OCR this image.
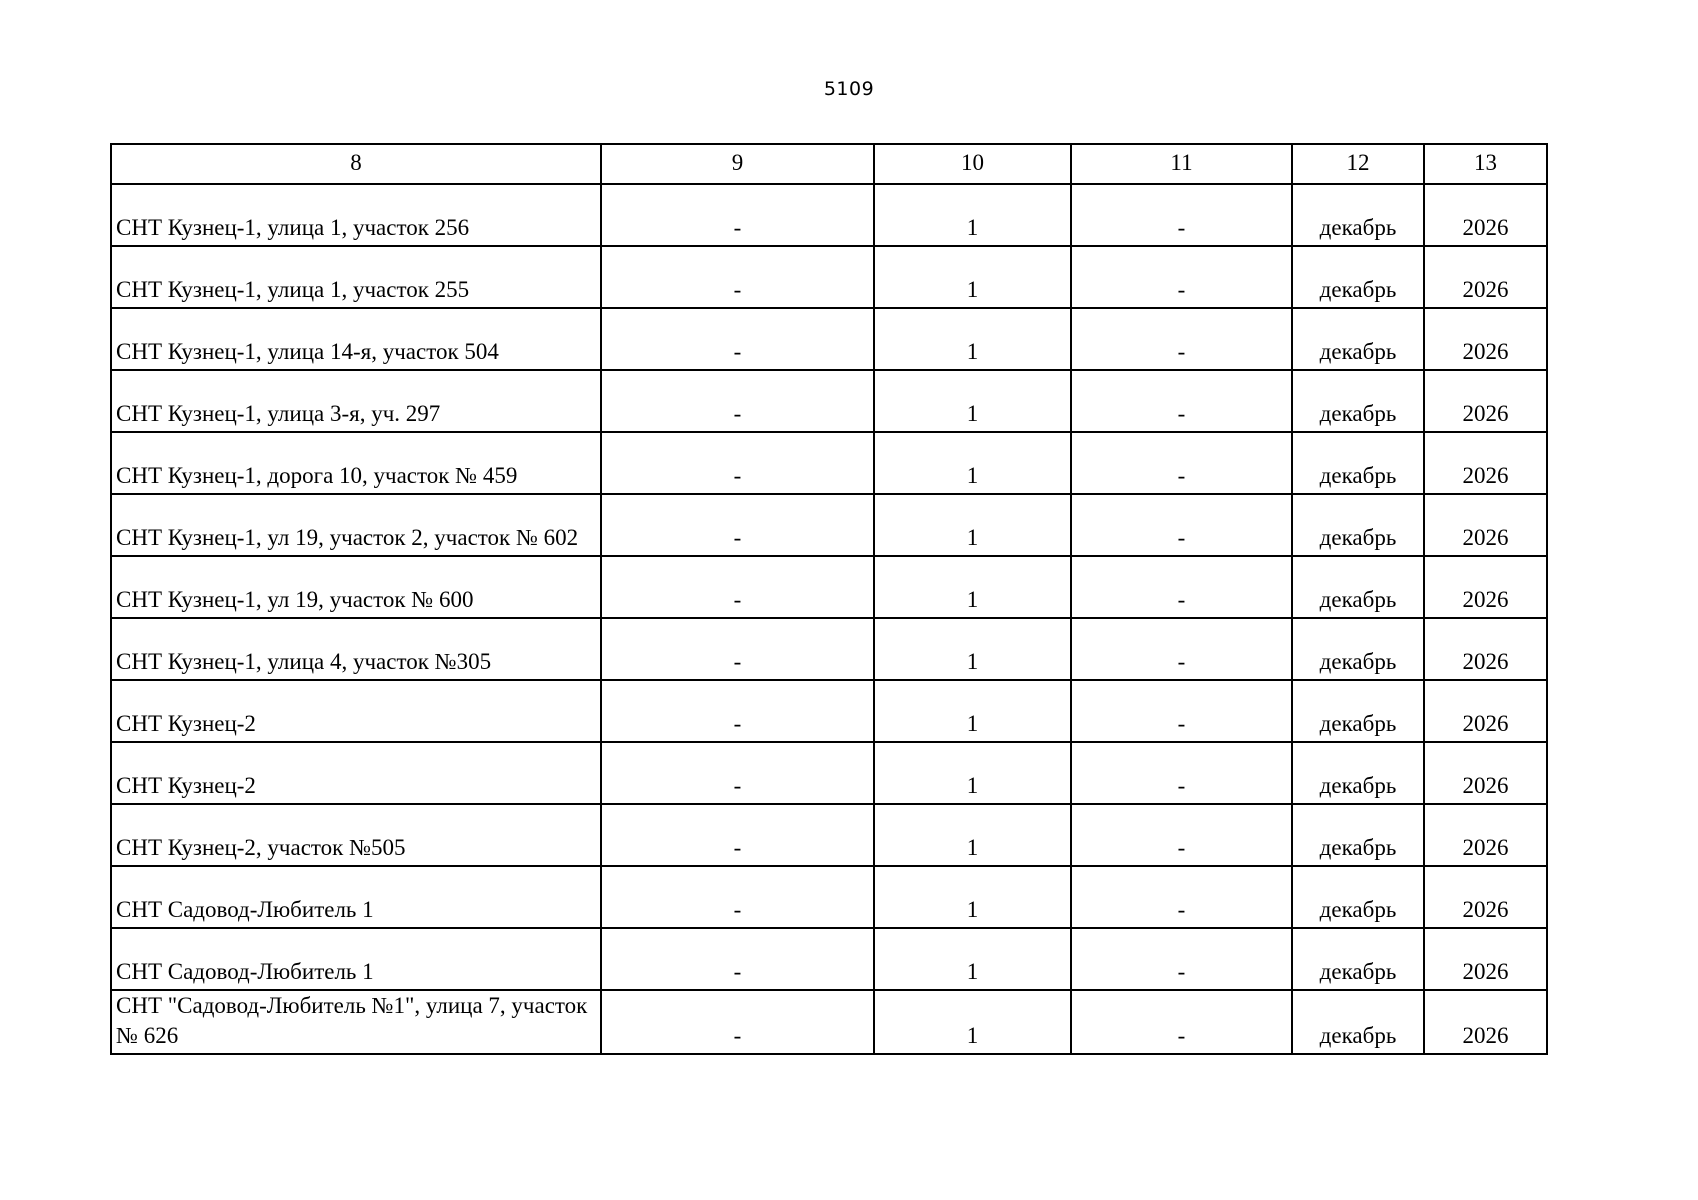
5109
8	9	10	11	12	13
СНТ Кузнец-1, улица 1, участок 256	-	1	-	декабрь	2026
СНТ Кузнец-1, улица 1, участок 255	-	1	-	декабрь	2026
СНТ Кузнец-1, улица 14-я, участок 504	-	1	-	декабрь	2026
СНТ Кузнец-1, улица 3-я, уч. 297	-	1	-	декабрь	2026
СНТ Кузнец-1, дорога 10, участок № 459	-	1	-	декабрь	2026
СНТ Кузнец-1, ул 19, участок 2, участок № 602	-	1	-	декабрь	2026
СНТ Кузнец-1, ул 19, участок № 600	-	1	-	декабрь	2026
СНТ Кузнец-1, улица 4, участок №305	-	1	-	декабрь	2026
СНТ Кузнец-2	-	1	-	декабрь	2026
СНТ Кузнец-2	-	1	-	декабрь	2026
СНТ Кузнец-2, участок №505	-	1	-	декабрь	2026
СНТ Садовод-Любитель 1	-	1	-	декабрь	2026
СНТ Садовод-Любитель 1	-	1	-	декабрь	2026
СНТ "Садовод-Любитель №1", улица 7, участок № 626	-	1	-	декабрь	2026
